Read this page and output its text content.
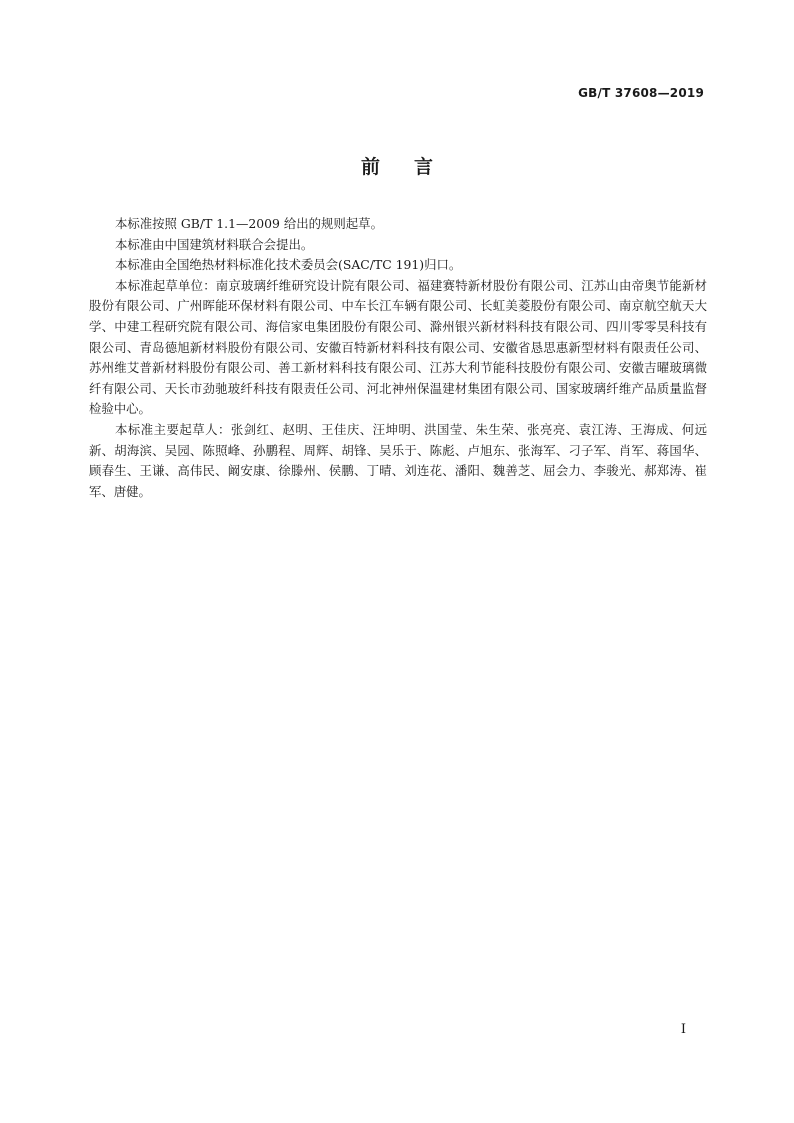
GB/T 37608—2019
前言

本标准按照 GB/T 1.1—2009 给出的规则起草。

本标准由中国建筑材料联合会提出。

本标准由全国绝热材料标准化技术委员会(SAC/TC 191)归口。

本标准起草单位：南京玻璃纤维研究设计院有限公司、福建赛特新材股份有限公司、江苏山由帝奥节能新材股份有限公司、广州晖能环保材料有限公司、中车长江车辆有限公司、长虹美菱股份有限公司、南京航空航天大学、中建工程研究院有限公司、海信家电集团股份有限公司、滁州银兴新材料科技有限公司、四川零零昊科技有限公司、青岛德旭新材料股份有限公司、安徽百特新材料科技有限公司、安徽省恳思惠新型材料有限责任公司、苏州维艾普新材料股份有限公司、善工新材料科技有限公司、江苏大利节能科技股份有限公司、安徽吉曜玻璃微纤有限公司、天长市劲驰玻纤科技有限责任公司、河北神州保温建材集团有限公司、国家玻璃纤维产品质量监督检验中心。

本标准主要起草人：张剑红、赵明、王佳庆、汪坤明、洪国莹、朱生荣、张亮亮、袁江涛、王海成、何远新、胡海滨、吴园、陈照峰、孙鹏程、周辉、胡锋、吴乐于、陈彪、卢旭东、张海军、刁子军、肖军、蒋国华、顾春生、王谦、高伟民、阚安康、徐滕州、侯鹏、丁晴、刘连花、潘阳、魏善芝、屈会力、李骏光、郝郑涛、崔军、唐健。

I
